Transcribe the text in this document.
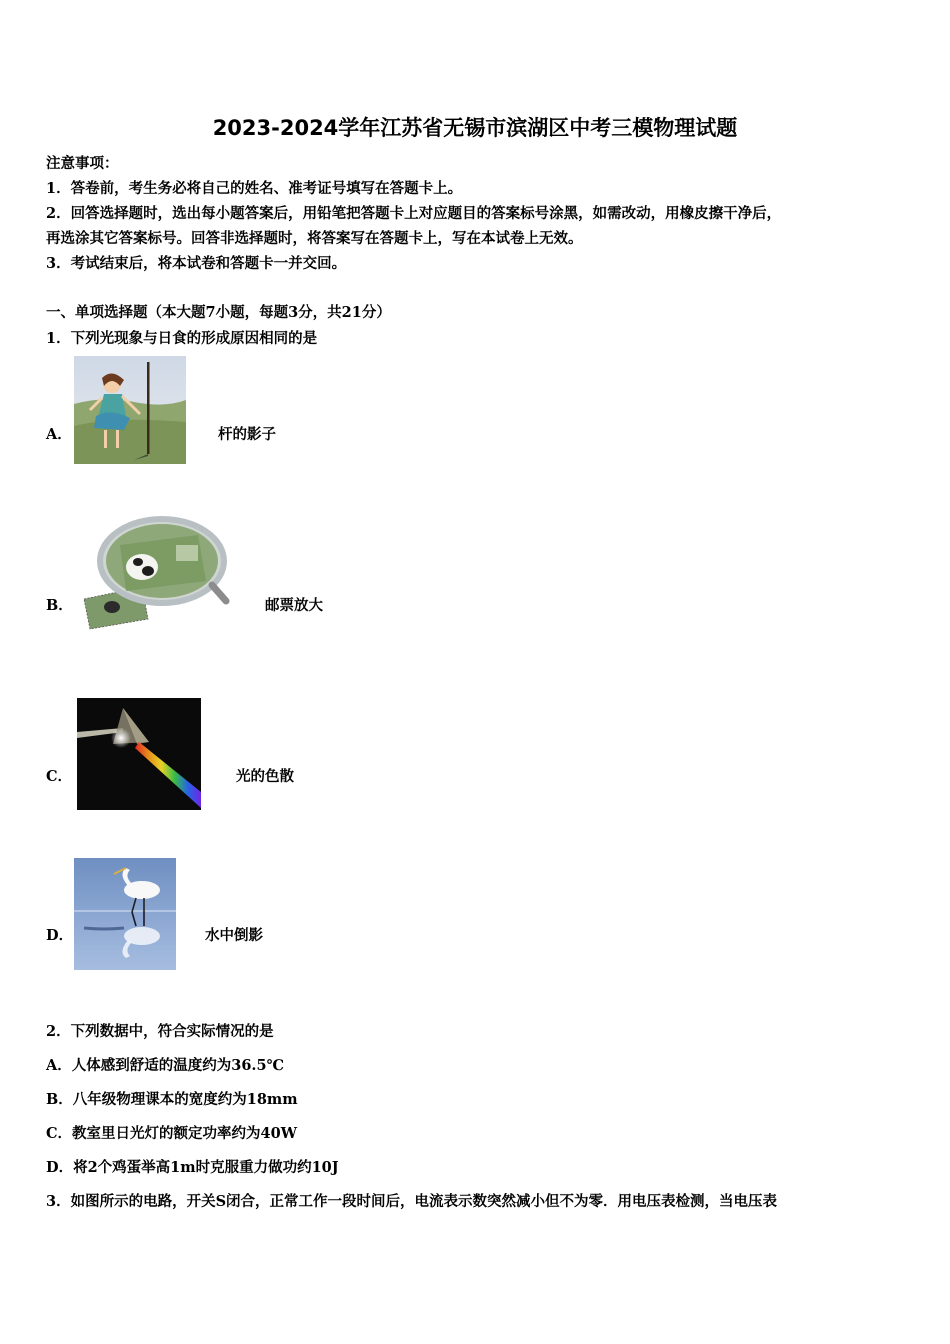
2023-2024学年江苏省无锡市滨湖区中考三模物理试题
注意事项：
1．答卷前，考生务必将自己的姓名、准考证号填写在答题卡上。
2．回答选择题时，选出每小题答案后，用铅笔把答题卡上对应题目的答案标号涂黑，如需改动，用橡皮擦干净后，
再选涂其它答案标号。回答非选择题时，将答案写在答题卡上，写在本试卷上无效。
3．考试结束后，将本试卷和答题卡一并交回。
一、单项选择题（本大题7小题，每题3分，共21分）
1．下列光现象与日食的形成原因相同的是
A．	杆的影子
B．	邮票放大
C．	光的色散
D．	水中倒影
2．下列数据中，符合实际情况的是
A．人体感到舒适的温度约为36.5℃
B．八年级物理课本的宽度约为18mm
C．教室里日光灯的额定功率约为40W
D．将2个鸡蛋举高1m时克服重力做功约10J
3．如图所示的电路，开关S闭合，正常工作一段时间后，电流表示数突然减小但不为零．用电压表检测，当电压表
